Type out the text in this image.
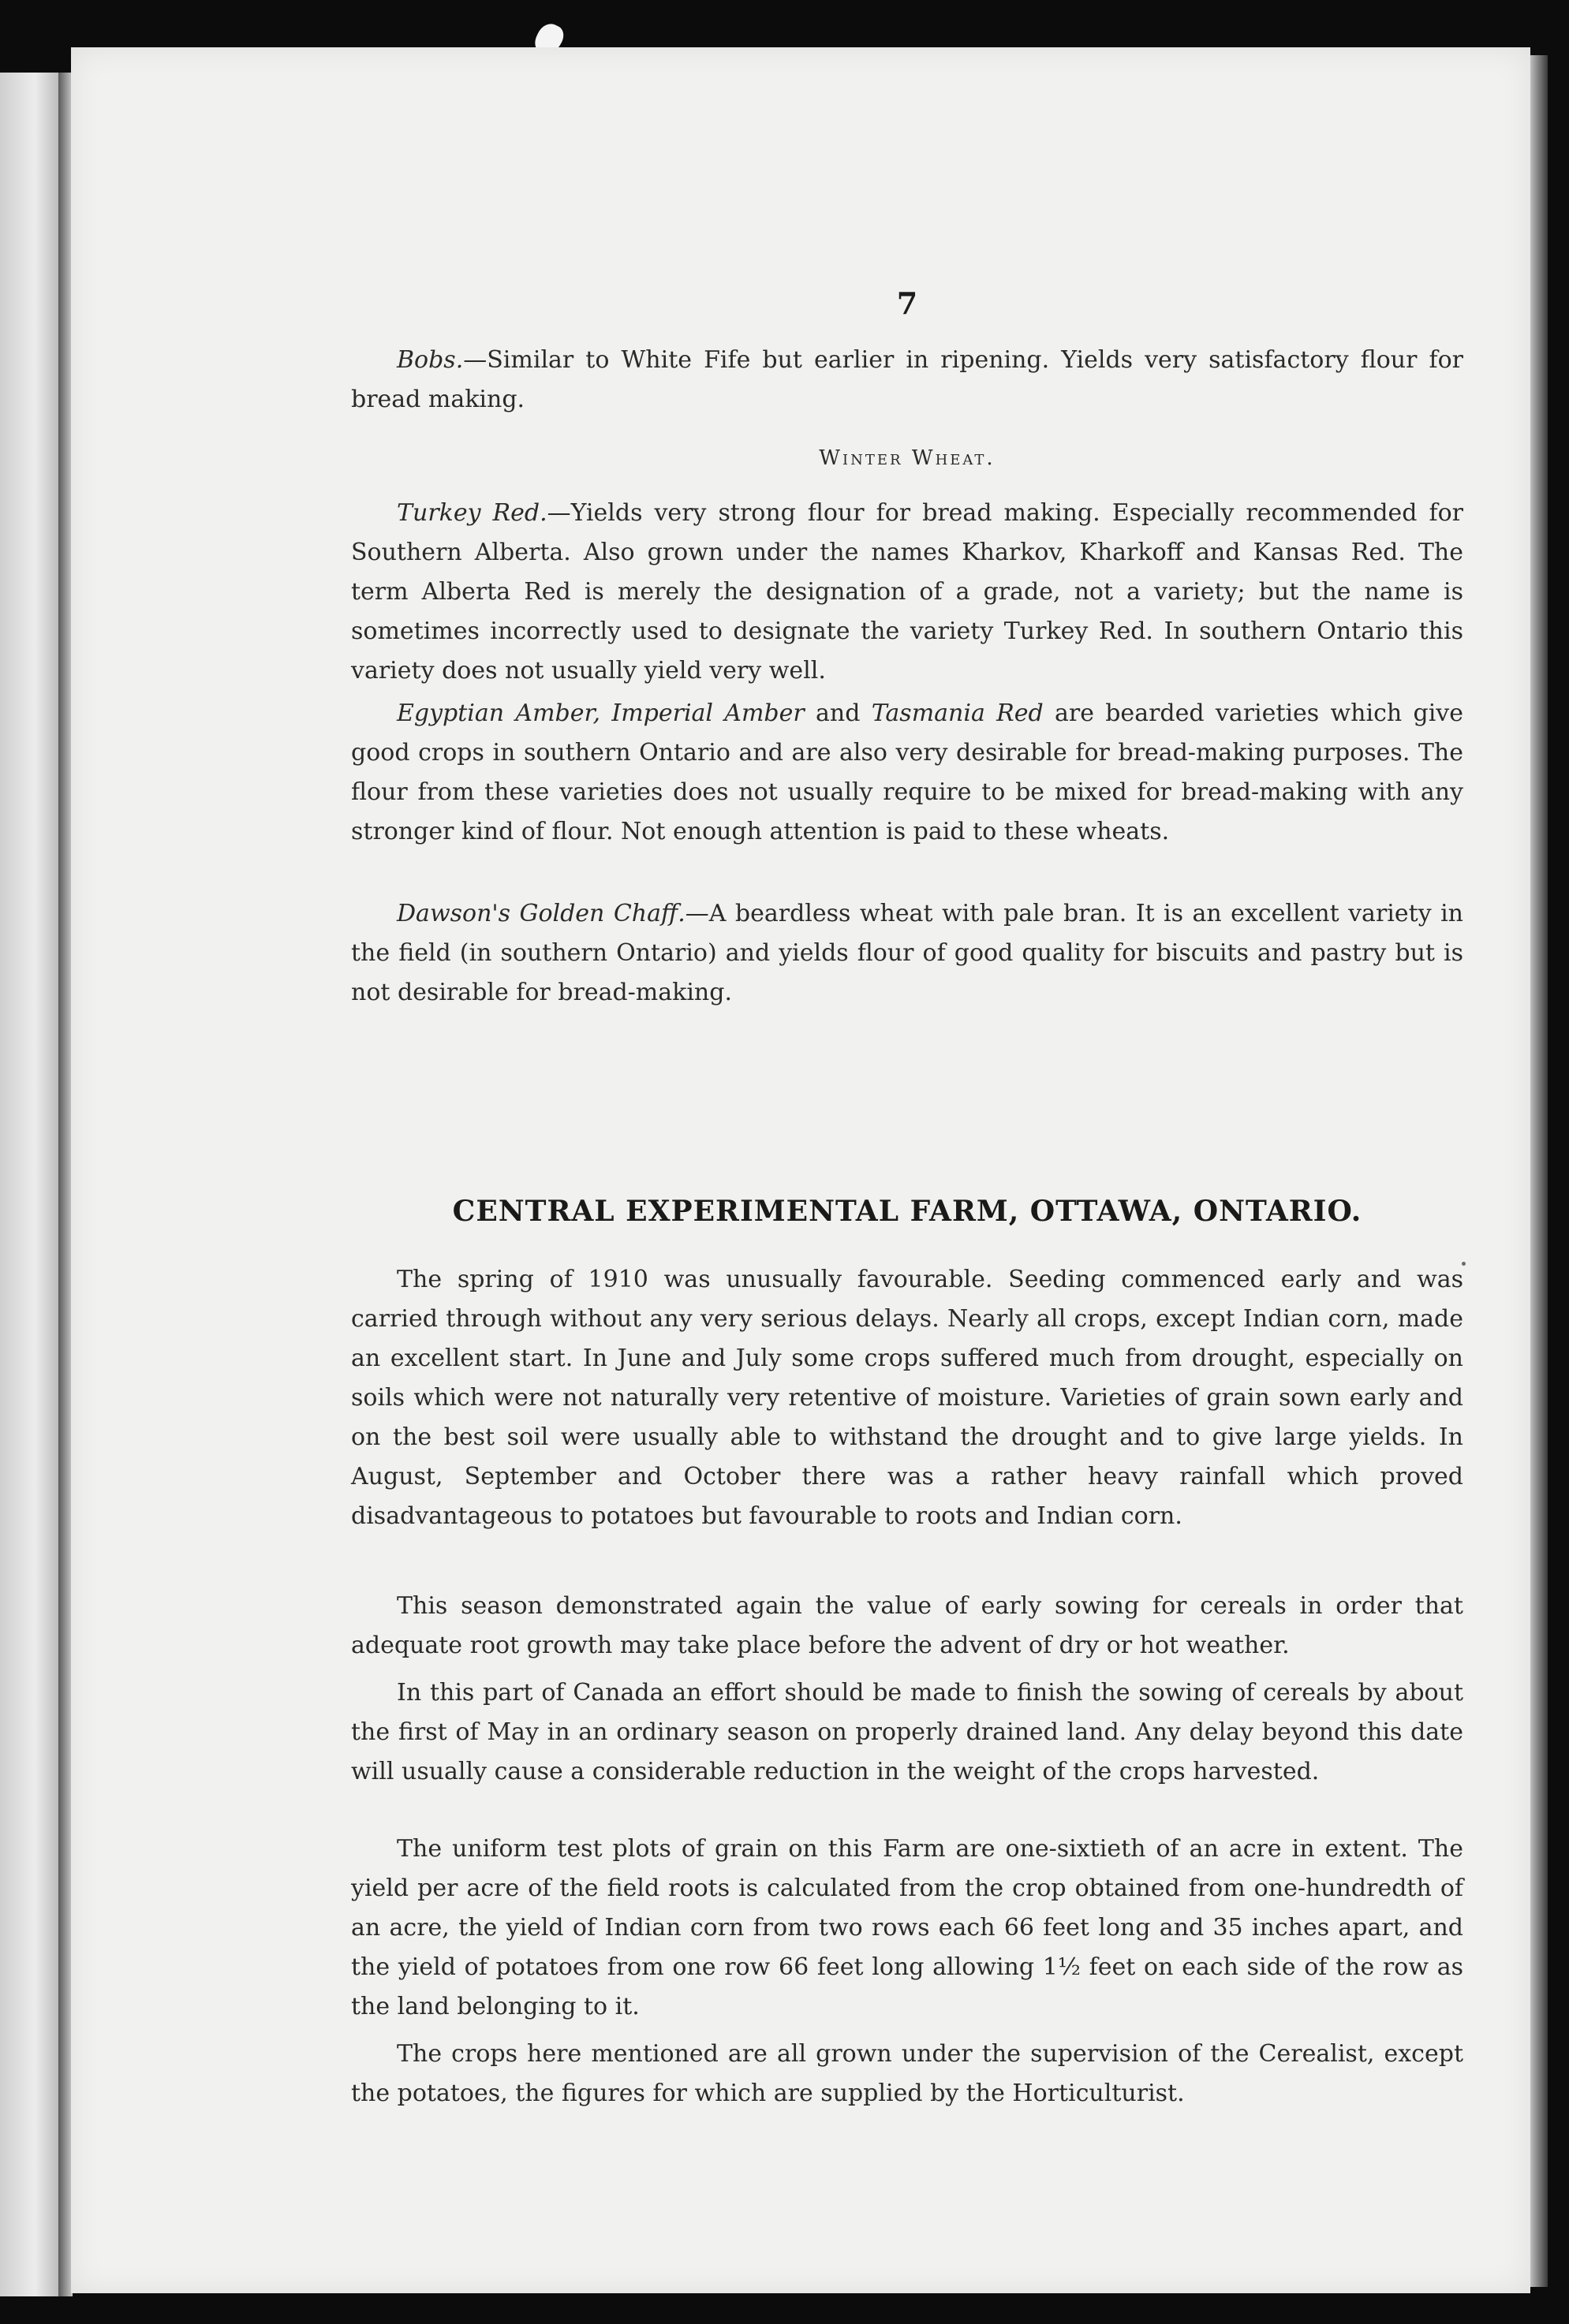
7

Bobs.—Similar to White Fife but earlier in ripening. Yields very satisfactory flour for bread making.

Winter Wheat.

Turkey Red.—Yields very strong flour for bread making. Especially recommended for Southern Alberta. Also grown under the names Kharkov, Kharkoff and Kansas Red. The term Alberta Red is merely the designation of a grade, not a variety; but the name is sometimes incorrectly used to designate the variety Turkey Red. In southern Ontario this variety does not usually yield very well.

Egyptian Amber, Imperial Amber and Tasmania Red are bearded varieties which give good crops in southern Ontario and are also very desirable for bread-making purposes. The flour from these varieties does not usually require to be mixed for bread-making with any stronger kind of flour. Not enough attention is paid to these wheats.

Dawson's Golden Chaff.—A beardless wheat with pale bran. It is an excellent variety in the field (in southern Ontario) and yields flour of good quality for biscuits and pastry but is not desirable for bread-making.

CENTRAL EXPERIMENTAL FARM, OTTAWA, ONTARIO.

The spring of 1910 was unusually favourable. Seeding commenced early and was carried through without any very serious delays. Nearly all crops, except Indian corn, made an excellent start. In June and July some crops suffered much from drought, especially on soils which were not naturally very retentive of moisture. Varieties of grain sown early and on the best soil were usually able to withstand the drought and to give large yields. In August, September and October there was a rather heavy rainfall which proved disadvantageous to potatoes but favourable to roots and Indian corn.

This season demonstrated again the value of early sowing for cereals in order that adequate root growth may take place before the advent of dry or hot weather.

In this part of Canada an effort should be made to finish the sowing of cereals by about the first of May in an ordinary season on properly drained land. Any delay beyond this date will usually cause a considerable reduction in the weight of the crops harvested.

The uniform test plots of grain on this Farm are one-sixtieth of an acre in extent. The yield per acre of the field roots is calculated from the crop obtained from one-hundredth of an acre, the yield of Indian corn from two rows each 66 feet long and 35 inches apart, and the yield of potatoes from one row 66 feet long allowing 1½ feet on each side of the row as the land belonging to it.

The crops here mentioned are all grown under the supervision of the Cerealist, except the potatoes, the figures for which are supplied by the Horticulturist.
